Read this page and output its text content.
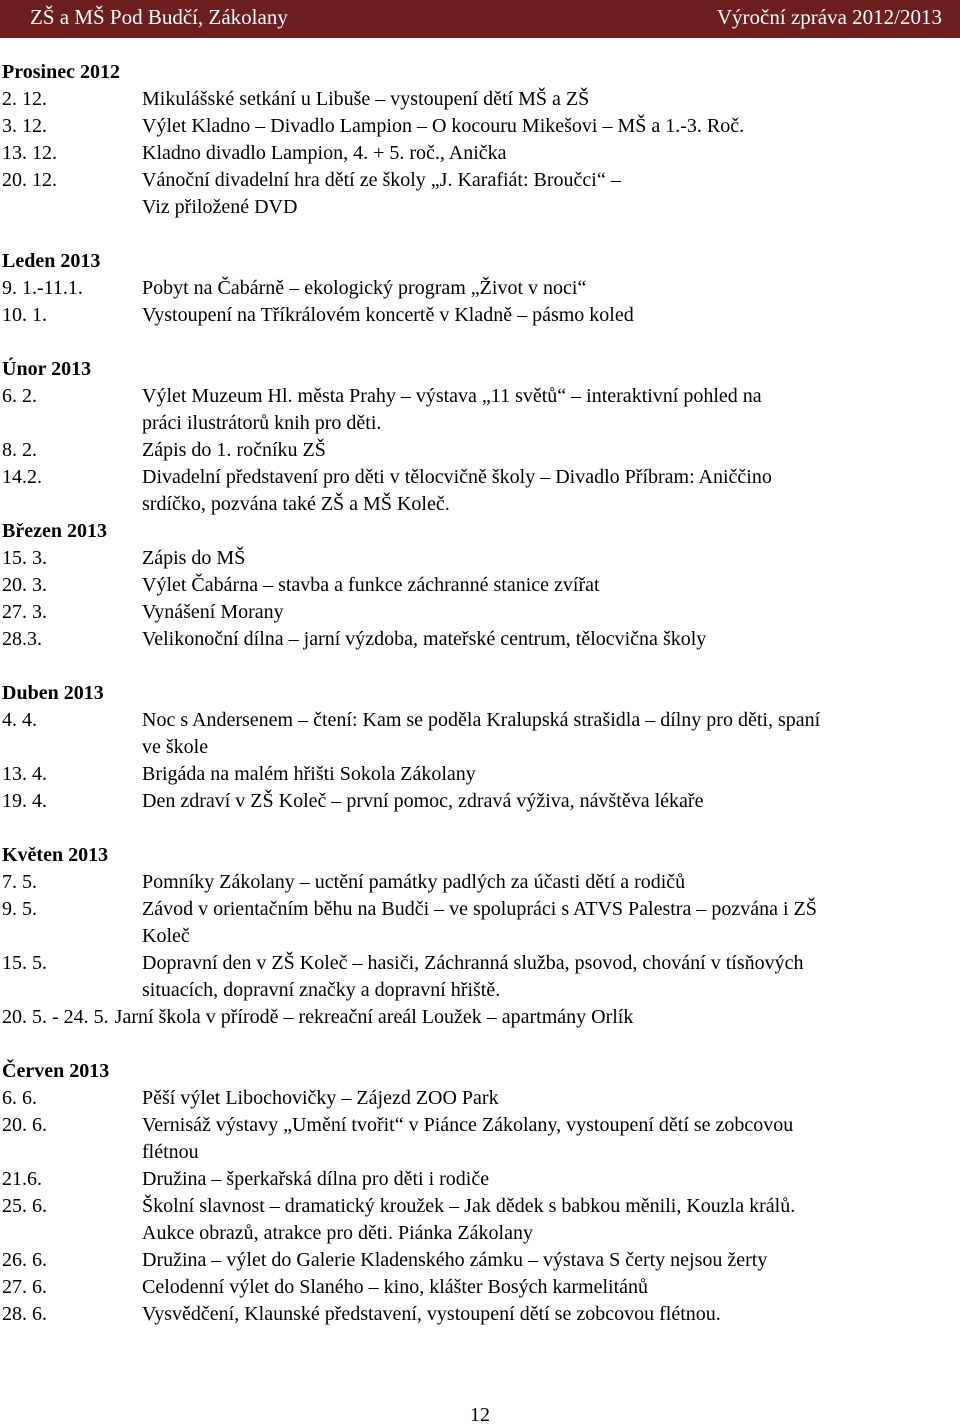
ZŠ a MŠ Pod Budčí, Zákolany	Výroční zpráva 2012/2013
Prosinec 2012
2. 12.	Mikulášské setkání u Libuše – vystoupení dětí MŠ a ZŠ
3. 12.	Výlet Kladno – Divadlo Lampion – O kocouru Mikešovi – MŠ a 1.-3. Roč.
13. 12.	Kladno divadlo Lampion, 4. + 5. roč., Anička
20. 12.	Vánoční divadelní hra dětí ze školy „J. Karafiát: Broučci“ –
Viz přiložené DVD
Leden 2013
9. 1.-11.1.	Pobyt na Čabárně – ekologický program „Život v noci“
10. 1.	Vystoupení na Tříkrálovém koncertě v Kladně – pásmo koled
Únor 2013
6. 2.	Výlet Muzeum Hl. města Prahy – výstava „11 světů“ – interaktivní pohled na
práci ilustrátorů knih pro děti.
8. 2.	Zápis do 1. ročníku ZŠ
14.2.	Divadelní představení pro děti v tělocvičně školy – Divadlo Příbram: Aniččino
srdíčko, pozvána také ZŠ a MŠ Koleč.
Březen 2013
15. 3.	Zápis do MŠ
20. 3.	Výlet Čabárna – stavba a funkce záchranné stanice zvířat
27. 3.	Vynášení Morany
28.3.	Velikonoční dílna – jarní výzdoba, mateřské centrum, tělocvična školy
Duben 2013
4. 4.	Noc s Andersenem – čtení: Kam se poděla Kralupská strašidla – dílny pro děti, spaní
ve škole
13. 4.	Brigáda na malém hřišti Sokola Zákolany
19. 4.	Den zdraví v ZŠ Koleč – první pomoc, zdravá výživa, návštěva lékaře
Květen 2013
7. 5.	Pomníky Zákolany – uctění památky padlých za účasti dětí a rodičů
9. 5.	Závod v orientačním běhu na Budči – ve spolupráci s ATVS Palestra – pozvána i ZŠ
Koleč
15. 5.	Dopravní den v ZŠ Koleč – hasiči, Záchranná služba, psovod, chování v tísňových
situacích, dopravní značky a dopravní hřiště.
20. 5. - 24. 5. Jarní škola v přírodě – rekreační areál Loužek – apartmány Orlík
Červen 2013
6. 6.	Pěší výlet Libochovičky – Zájezd ZOO Park
20. 6.	Vernisáž výstavy „Umění tvořit“ v Piánce Zákolany, vystoupení dětí se zobcovou
flétnou
21.6.	Družina – šperkařská dílna pro děti i rodiče
25. 6.	Školní slavnost – dramatický kroužek – Jak dědek s babkou měnili, Kouzla králů.
Aukce obrazů, atrakce pro děti. Piánka Zákolany
26. 6.	Družina – výlet do Galerie Kladenského zámku – výstava S čerty nejsou žerty
27. 6.	Celodenní výlet do Slaného – kino, klášter Bosých karmelitánů
28. 6.	Vysvědčení, Klaunské představení, vystoupení dětí se zobcovou flétnou.
12
